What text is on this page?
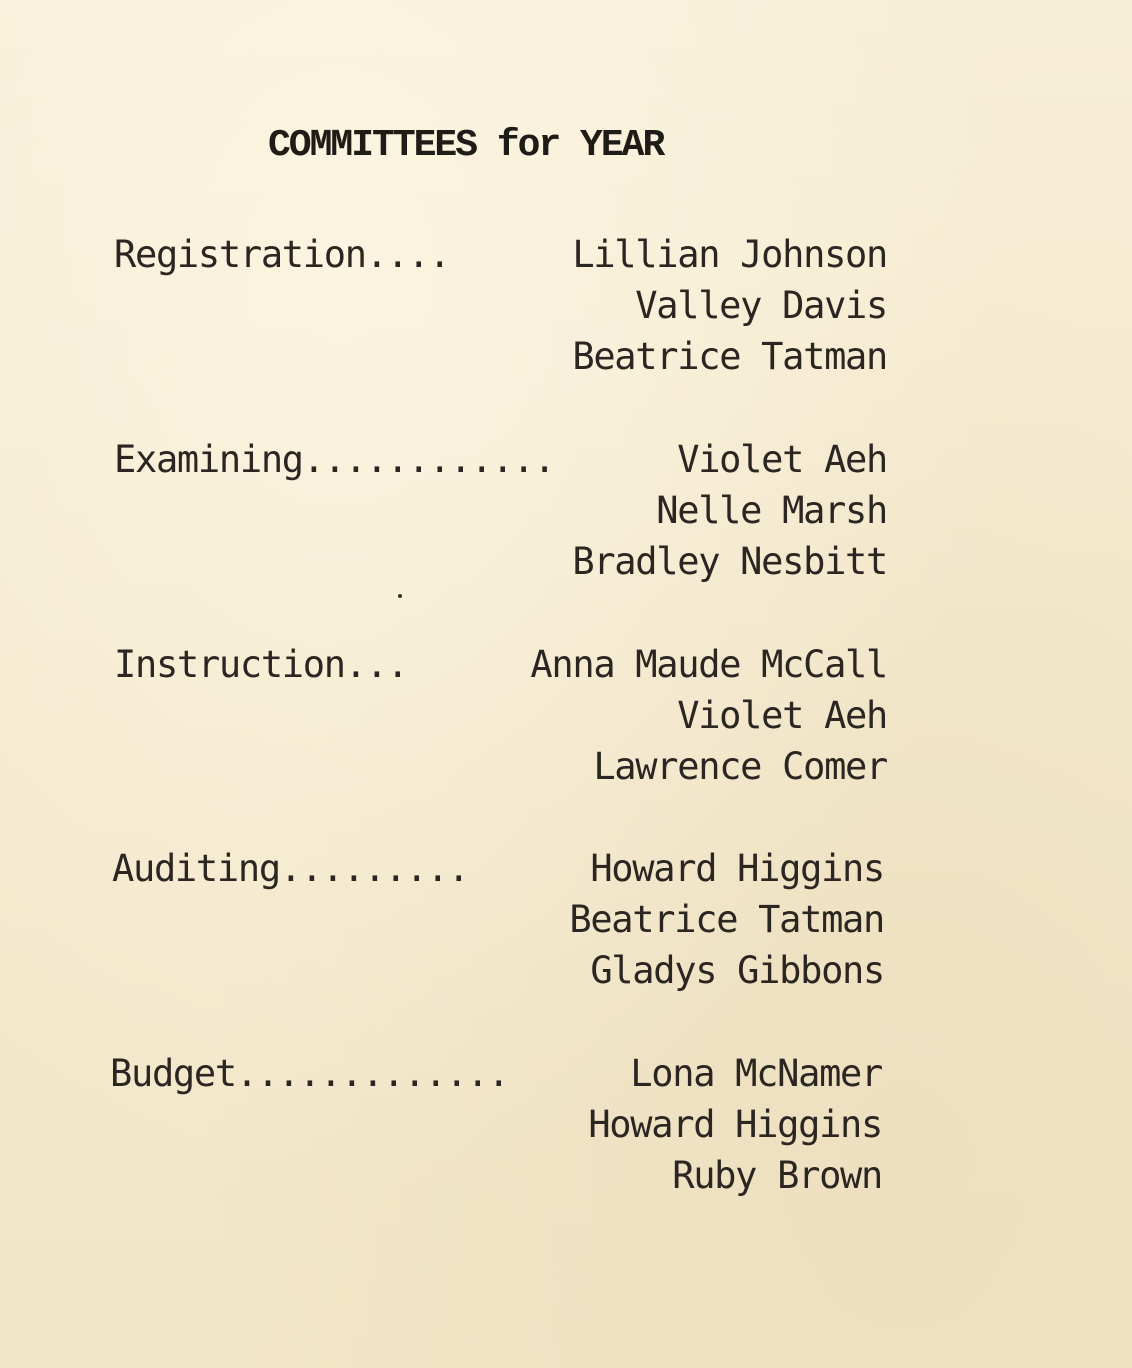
COMMITTEES for YEAR
Registration....	Lillian Johnson
Valley Davis
Beatrice Tatman
Examining............	Violet Aeh
Nelle Marsh
Bradley Nesbitt
Instruction...	Anna Maude McCall
Violet Aeh
Lawrence Comer
Auditing.........	Howard Higgins
Beatrice Tatman
Gladys Gibbons
Budget.............	Lona McNamer
Howard Higgins
Ruby Brown
